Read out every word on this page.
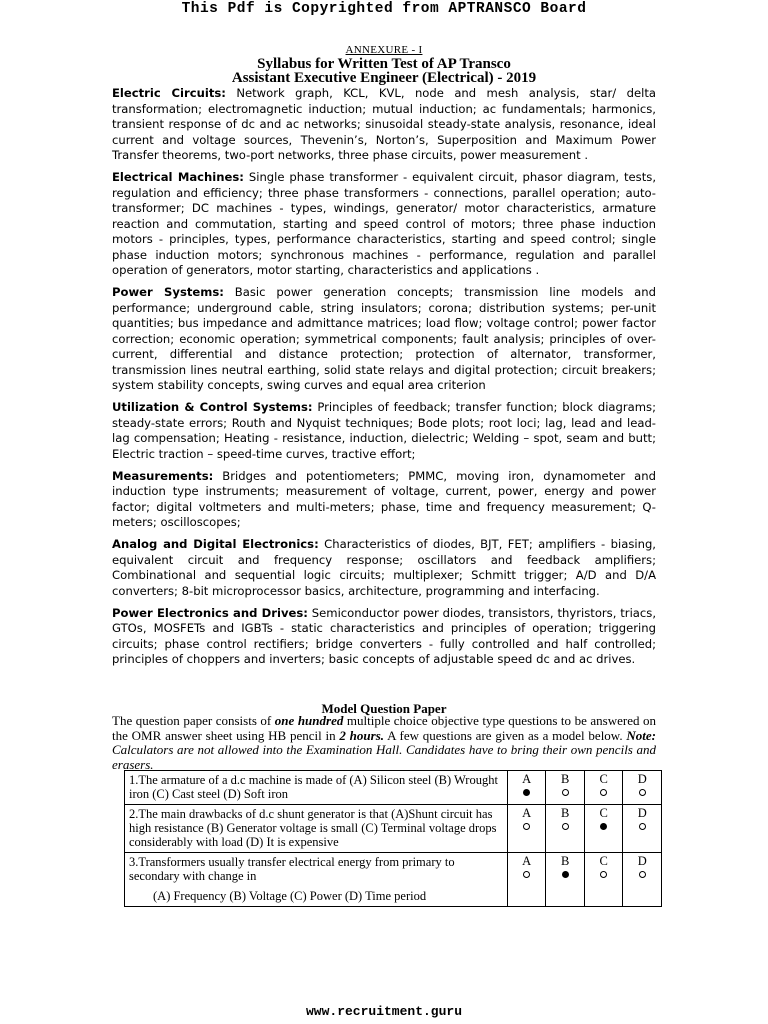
This Pdf is Copyrighted from APTRANSCO Board
ANNEXURE - I
Syllabus for Written Test of AP Transco
Assistant Executive Engineer (Electrical) - 2019

Electric Circuits: Network graph, KCL, KVL, node and mesh analysis, star/ delta transformation; electromagnetic induction; mutual induction; ac fundamentals; harmonics, transient response of dc and ac networks; sinusoidal steady-state analysis, resonance, ideal current and voltage sources, Thevenin’s, Norton’s, Superposition and Maximum Power Transfer theorems, two-port networks, three phase circuits, power measurement .

Electrical Machines: Single phase transformer - equivalent circuit, phasor diagram, tests, regulation and efficiency; three phase transformers - connections, parallel operation; auto-transformer; DC machines - types, windings, generator/ motor characteristics, armature reaction and commutation, starting and speed control of motors; three phase induction motors - principles, types, performance characteristics, starting and speed control; single phase induction motors; synchronous machines - performance, regulation and parallel operation of generators, motor starting, characteristics and applications .

Power Systems: Basic power generation concepts; transmission line models and performance; underground cable, string insulators; corona; distribution systems; per-unit quantities; bus impedance and admittance matrices; load flow; voltage control; power factor correction; economic operation; symmetrical components; fault analysis; principles of over-current, differential and distance protection; protection of alternator, transformer, transmission lines neutral earthing, solid state relays and digital protection; circuit breakers; system stability concepts, swing curves and equal area criterion

Utilization & Control Systems: Principles of feedback; transfer function; block diagrams; steady-state errors; Routh and Nyquist techniques; Bode plots; root loci; lag, lead and lead-lag compensation; Heating - resistance, induction, dielectric; Welding – spot, seam and butt; Electric traction – speed-time curves, tractive effort;

Measurements: Bridges and potentiometers; PMMC, moving iron, dynamometer and induction type instruments; measurement of voltage, current, power, energy and power factor; digital voltmeters and multi-meters; phase, time and frequency measurement; Q-meters; oscilloscopes;

Analog and Digital Electronics: Characteristics of diodes, BJT, FET; amplifiers - biasing, equivalent circuit and frequency response; oscillators and feedback amplifiers; Combinational and sequential logic circuits; multiplexer; Schmitt trigger; A/D and D/A converters; 8-bit microprocessor basics, architecture, programming and interfacing.

Power Electronics and Drives: Semiconductor power diodes, transistors, thyristors, triacs, GTOs, MOSFETs and IGBTs - static characteristics and principles of operation; triggering circuits; phase control rectifiers; bridge converters - fully controlled and half controlled; principles of choppers and inverters; basic concepts of adjustable speed dc and ac drives.

Model Question Paper
The question paper consists of one hundred multiple choice objective type questions to be answered on the OMR answer sheet using HB pencil in 2 hours. A few questions are given as a model below. Note: Calculators are not allowed into the Examination Hall. Candidates have to bring their own pencils and erasers.
1.The armature of a d.c machine is made of (A) Silicon steel (B) Wrought iron (C) Cast steel (D) Soft iron	A	B	C	D

2.The main drawbacks of d.c shunt generator is that (A)Shunt circuit has high resistance (B) Generator voltage is small (C) Terminal voltage drops considerably with load (D) It is expensive	A	B	C	D

3.Transformers usually transfer electrical energy from primary to secondary with change in
(A) Frequency (B) Voltage (C) Power (D) Time period	A	B	C	D
www.recruitment.guru
